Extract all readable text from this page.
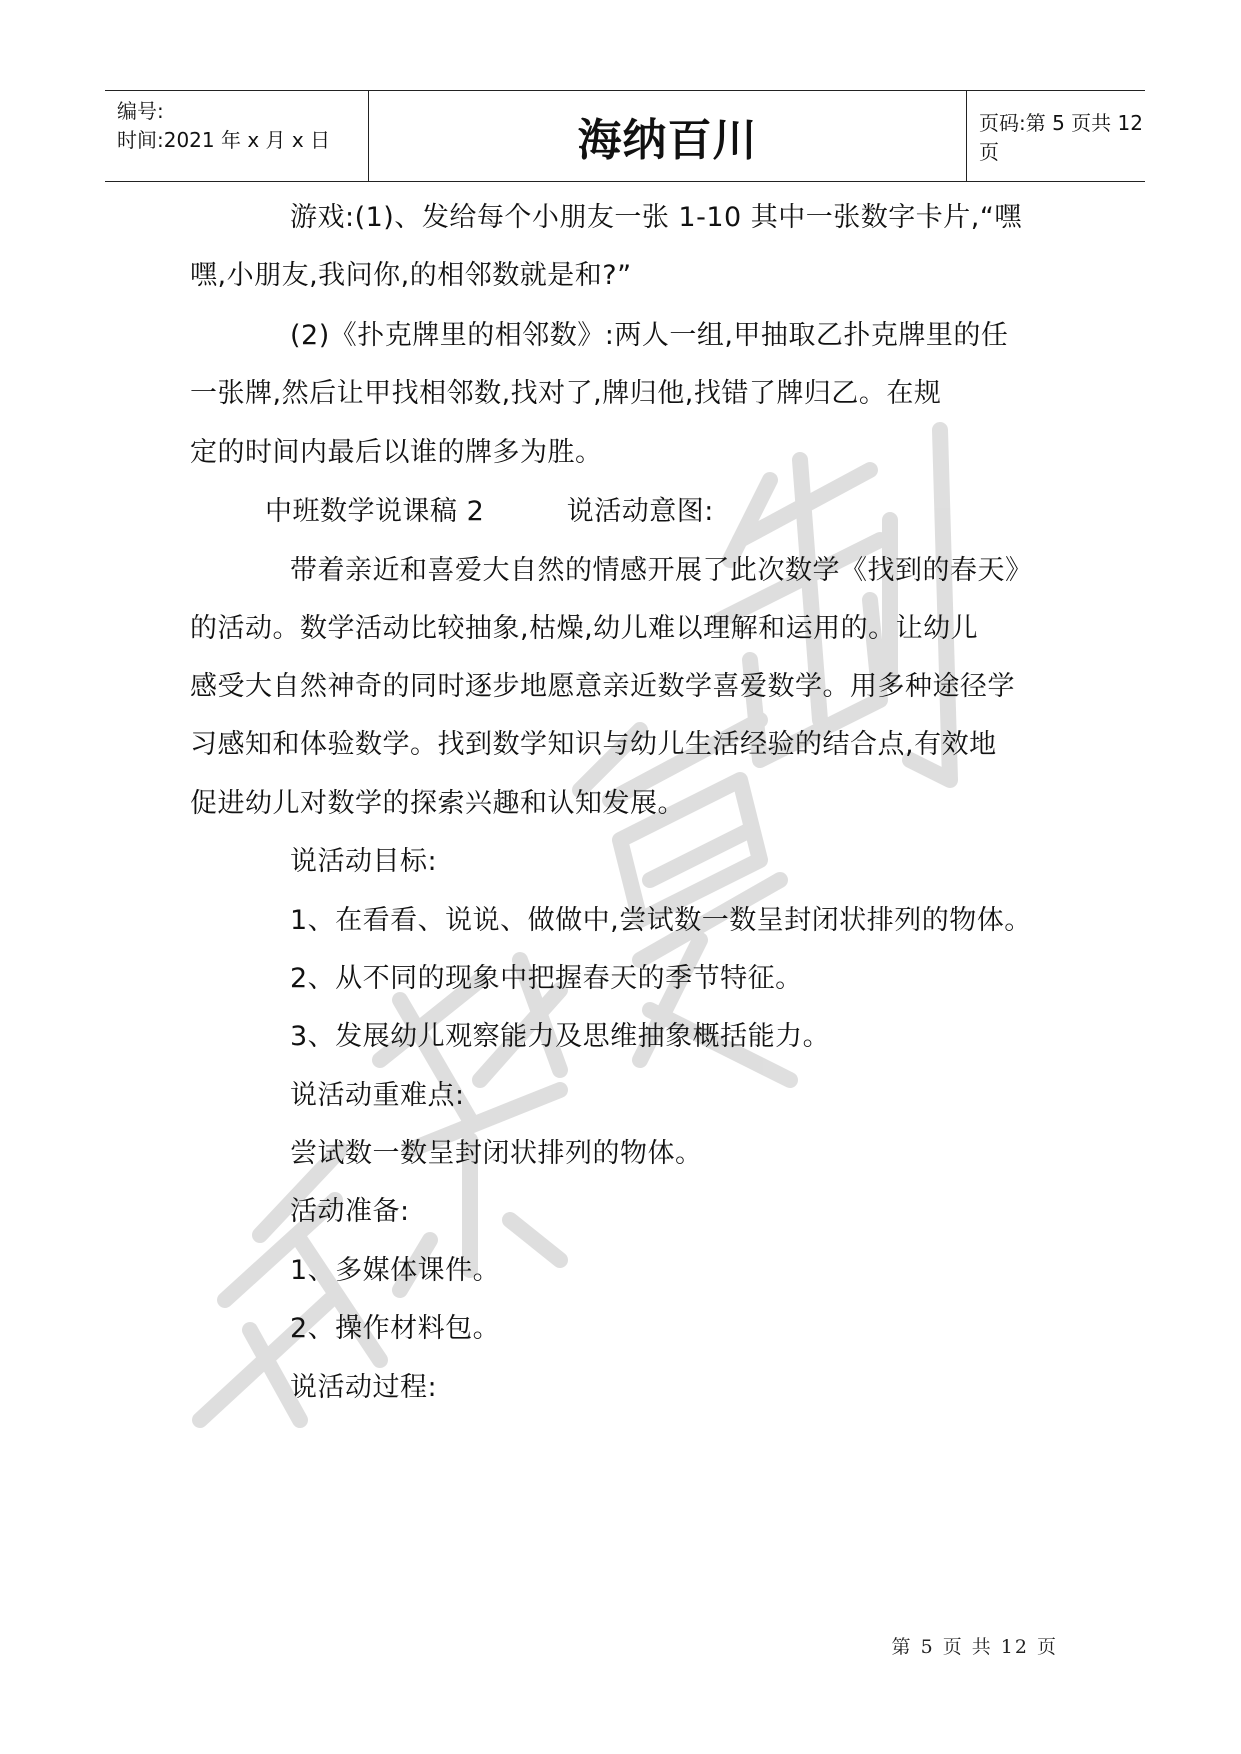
编号:
时间:2021 年 x 月 x 日	海纳百川	页码:第 5 页共 12 页
游戏:(1)、发给每个小朋友一张 1-10 其中一张数字卡片,“嘿
嘿,小朋友,我问你,的相邻数就是和?”
(2)《扑克牌里的相邻数》:两人一组,甲抽取乙扑克牌里的任
一张牌,然后让甲找相邻数,找对了,牌归他,找错了牌归乙。在规
定的时间内最后以谁的牌多为胜。
中班数学说课稿 2　　　说活动意图:
带着亲近和喜爱大自然的情感开展了此次数学《找到的春天》
的活动。数学活动比较抽象,枯燥,幼儿难以理解和运用的。让幼儿
感受大自然神奇的同时逐步地愿意亲近数学喜爱数学。用多种途径学
习感知和体验数学。找到数学知识与幼儿生活经验的结合点,有效地
促进幼儿对数学的探索兴趣和认知发展。
说活动目标:
1、在看看、说说、做做中,尝试数一数呈封闭状排列的物体。
2、从不同的现象中把握春天的季节特征。
3、发展幼儿观察能力及思维抽象概括能力。
说活动重难点:
尝试数一数呈封闭状排列的物体。
活动准备:
1、多媒体课件。
2、操作材料包。
说活动过程:
第 5 页 共 12 页
